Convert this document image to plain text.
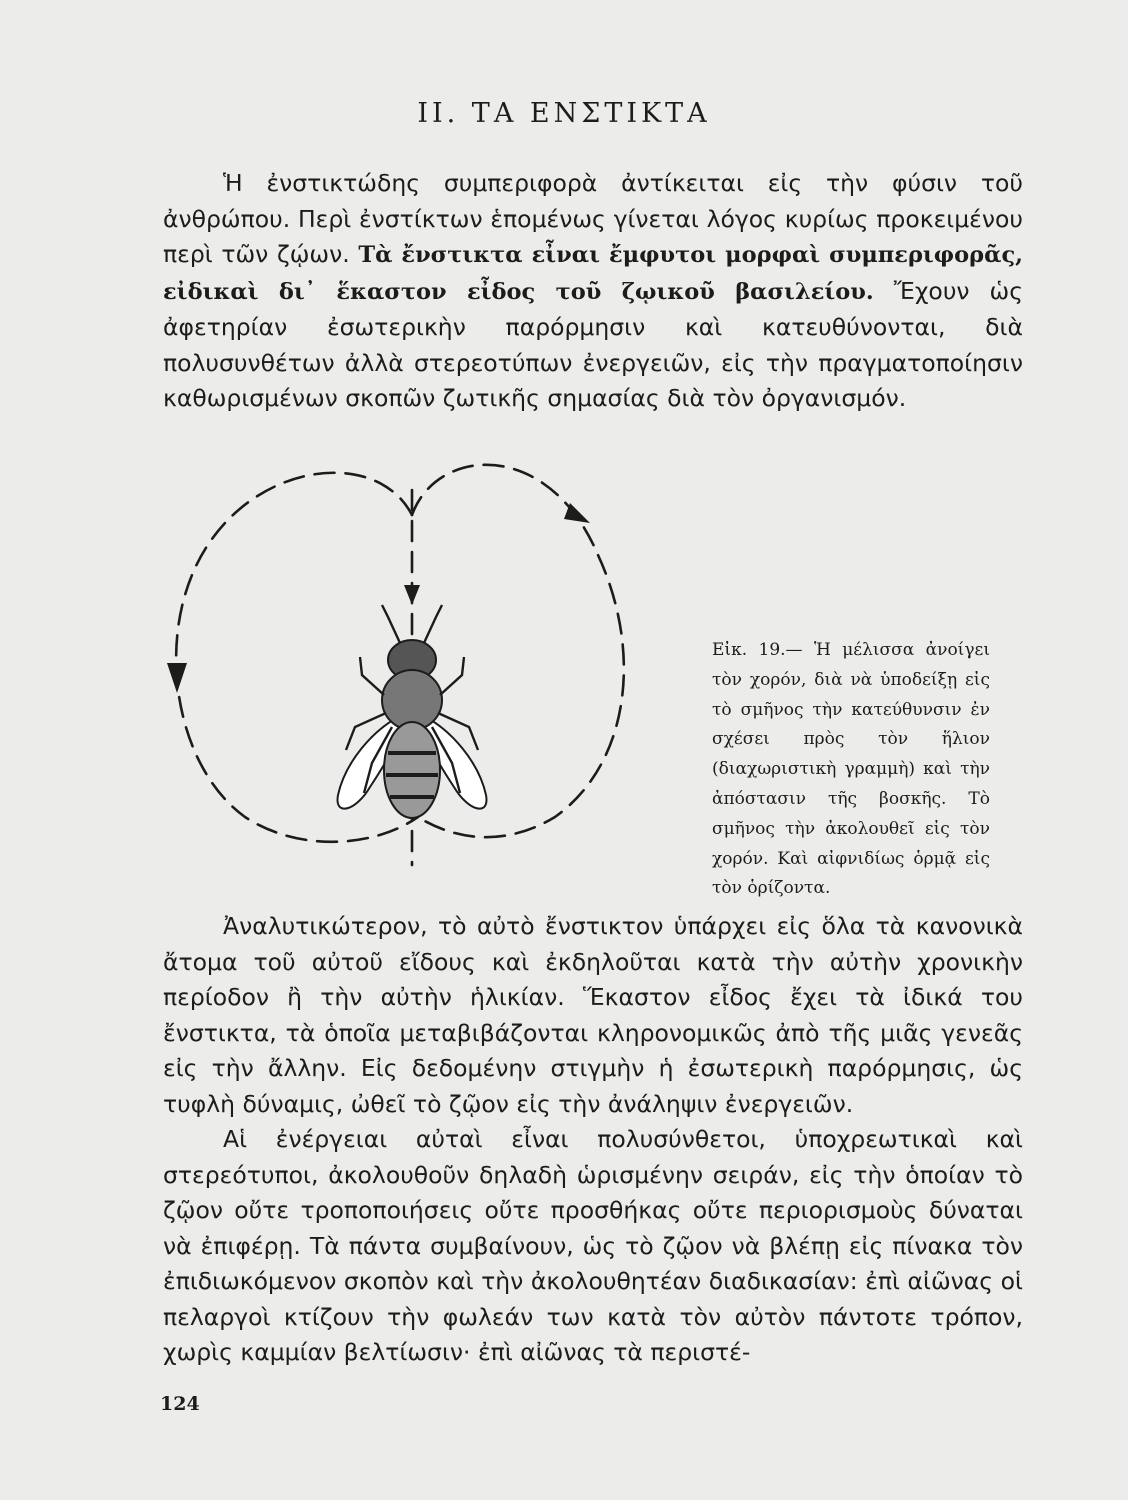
II. ΤΑ ΕΝΣΤΙΚΤΑ

Ἡ ἐνστικτώδης συμπεριφορὰ ἀντίκειται εἰς τὴν φύσιν τοῦ ἀνθρώπου. Περὶ ἐνστίκτων ἑπομένως γίνεται λόγος κυρίως προκειμένου περὶ τῶν ζῴων. Τὰ ἔνστικτα εἶναι ἔμφυτοι μορφαὶ συμπεριφορᾶς, εἰδικαὶ δι᾽ ἕκαστον εἶδος τοῦ ζῳικοῦ βασιλείου. Ἔχουν ὡς ἀφετηρίαν ἐσωτερικὴν παρόρμησιν καὶ κατευθύνονται, διὰ πολυσυνθέτων ἀλλὰ στερεοτύπων ἐνεργειῶν, εἰς τὴν πραγματοποίησιν καθωρισμένων σκοπῶν ζωτικῆς σημασίας διὰ τὸν ὀργανισμόν.

Εἰκ. 19.— Ἡ μέλισσα ἀνοίγει τὸν χορόν, διὰ νὰ ὑποδείξῃ εἰς τὸ σμῆνος τὴν κατεύθυνσιν ἐν σχέσει πρὸς τὸν ἥλιον (διαχωριστικὴ γραμμὴ) καὶ τὴν ἀπόστασιν τῆς βοσκῆς. Τὸ σμῆνος τὴν ἀκολουθεῖ εἰς τὸν χορόν. Καὶ αἰφνιδίως ὁρμᾷ εἰς τὸν ὁρίζοντα.

Ἀναλυτικώτερον, τὸ αὐτὸ ἔνστικτον ὑπάρχει εἰς ὅλα τὰ κανονικὰ ἄτομα τοῦ αὐτοῦ εἴδους καὶ ἐκδηλοῦται κατὰ τὴν αὐτὴν χρονικὴν περίοδον ἢ τὴν αὐτὴν ἡλικίαν. Ἕκαστον εἶδος ἔχει τὰ ἰδικά του ἔνστικτα, τὰ ὁποῖα μεταβιβάζονται κληρονομικῶς ἀπὸ τῆς μιᾶς γενεᾶς εἰς τὴν ἄλλην. Εἰς δεδομένην στιγμὴν ἡ ἐσωτερικὴ παρόρμησις, ὡς τυφλὴ δύναμις, ὠθεῖ τὸ ζῷον εἰς τὴν ἀνάληψιν ἐνεργειῶν.

Αἱ ἐνέργειαι αὐταὶ εἶναι πολυσύνθετοι, ὑποχρεωτικαὶ καὶ στερεότυποι, ἀκολουθοῦν δηλαδὴ ὡρισμένην σειράν, εἰς τὴν ὁποίαν τὸ ζῷον οὔτε τροποποιήσεις οὔτε προσθήκας οὔτε περιορισμοὺς δύναται νὰ ἐπιφέρῃ. Τὰ πάντα συμβαίνουν, ὡς τὸ ζῷον νὰ βλέπῃ εἰς πίνακα τὸν ἐπιδιωκόμενον σκοπὸν καὶ τὴν ἀκολουθητέαν διαδικασίαν: ἐπὶ αἰῶνας οἱ πελαργοὶ κτίζουν τὴν φωλεάν των κατὰ τὸν αὐτὸν πάντοτε τρόπον, χωρὶς καμμίαν βελτίωσιν· ἐπὶ αἰῶνας τὰ περιστέ-

124
